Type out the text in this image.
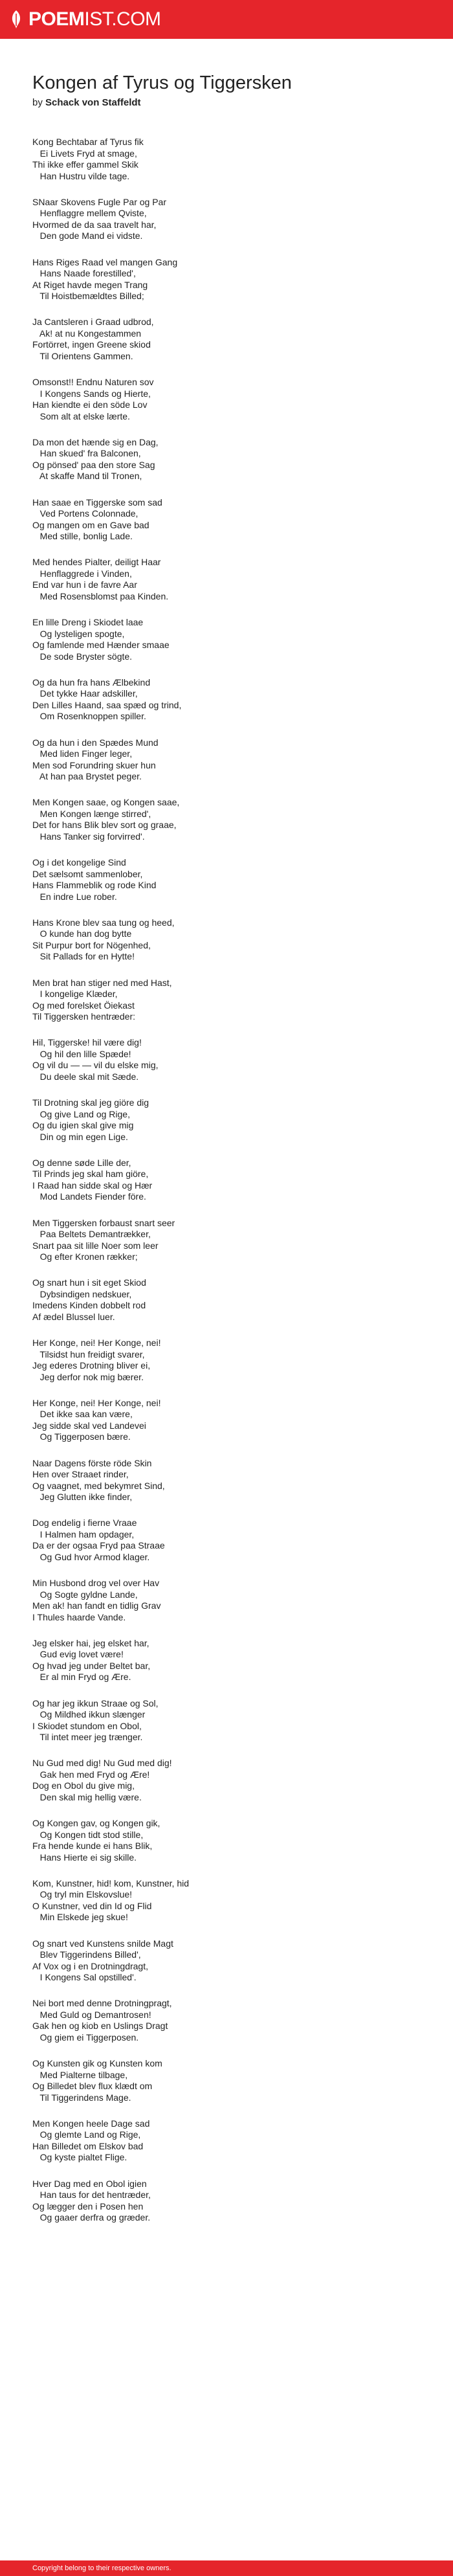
POEMIST.COM
Kongen af Tyrus og Tiggersken
by Schack von Staffeldt
Kong Bechtabar af Tyrus fik
Ei Livets Fryd at smage,
Thi ikke effer gammel Skik
Han Hustru vilde tage.
SNaar Skovens Fugle Par og Par
Henflaggre mellem Qviste,
Hvormed de da saa travelt har,
Den gode Mand ei vidste.
Hans Riges Raad vel mangen Gang
Hans Naade forestilled',
At Riget havde megen Trang
Til Hoistbemældtes Billed;
Ja Cantsleren i Graad udbrod,
Ak! at nu Kongestammen
Fortörret, ingen Greene skiod
Til Orientens Gammen.
Omsonst!! Endnu Naturen sov
I Kongens Sands og Hierte,
Han kiendte ei den söde Lov
Som alt at elske lærte.
Da mon det hænde sig en Dag,
Han skued' fra Balconen,
Og pönsed' paa den store Sag
At skaffe Mand til Tronen,
Han saae en Tiggerske som sad
Ved Portens Colonnade,
Og mangen om en Gave bad
Med stille, bonlig Lade.
Med hendes Pialter, deiligt Haar
Henflaggrede i Vinden,
End var hun i de favre Aar
Med Rosensblomst paa Kinden.
En lille Dreng i Skiodet laae
Og lysteligen spogte,
Og famlende med Hænder smaae
De sode Bryster sögte.
Og da hun fra hans Ælbekind
Det tykke Haar adskiller,
Den Lilles Haand, saa spæd og trind,
Om Rosenknoppen spiller.
Og da hun i den Spædes Mund
Med liden Finger leger,
Men sod Forundring skuer hun
At han paa Brystet peger.
Men Kongen saae, og Kongen saae,
Men Kongen længe stirred',
Det for hans Blik blev sort og graae,
Hans Tanker sig forvirred'.
Og i det kongelige Sind
Det sælsomt sammenlober,
Hans Flammeblik og rode Kind
En indre Lue rober.
Hans Krone blev saa tung og heed,
O kunde han dog bytte
Sit Purpur bort for Nögenhed,
Sit Pallads for en Hytte!
Men brat han stiger ned med Hast,
I kongelige Klæder,
Og med forelsket Öiekast
Til Tiggersken hentræder:
Hil, Tiggerske! hil være dig!
Og hil den lille Spæde!
Og vil du — — vil du elske mig,
Du deele skal mit Sæde.
Til Drotning skal jeg giöre dig
Og give Land og Rige,
Og du igien skal give mig
Din og min egen Lige.
Og denne søde Lille der,
Til Prinds jeg skal ham giöre,
I Raad han sidde skal og Hær
Mod Landets Fiender före.
Men Tiggersken forbaust snart seer
Paa Beltets Demantrækker,
Snart paa sit lille Noer som leer
Og efter Kronen rækker;
Og snart hun i sit eget Skiod
Dybsindigen nedskuer,
Imedens Kinden dobbelt rod
Af ædel Blussel luer.
Her Konge, nei! Her Konge, nei!
Tilsidst hun freidigt svarer,
Jeg ederes Drotning bliver ei,
Jeg derfor nok mig bærer.
Her Konge, nei! Her Konge, nei!
Det ikke saa kan være,
Jeg sidde skal ved Landevei
Og Tiggerposen bære.
Naar Dagens förste röde Skin
Hen over Straaet rinder,
Og vaagnet, med bekymret Sind,
Jeg Glutten ikke finder,
Dog endelig i fierne Vraae
I Halmen ham opdager,
Da er der ogsaa Fryd paa Straae
Og Gud hvor Armod klager.
Min Husbond drog vel over Hav
Og Sogte gyldne Lande,
Men ak! han fandt en tidlig Grav
I Thules haarde Vande.
Jeg elsker hai, jeg elsket har,
Gud evig lovet være!
Og hvad jeg under Beltet bar,
Er al min Fryd og Ære.
Og har jeg ikkun Straae og Sol,
Og Mildhed ikkun slænger
I Skiodet stundom en Obol,
Til intet meer jeg trænger.
Nu Gud med dig! Nu Gud med dig!
Gak hen med Fryd og Ære!
Dog en Obol du give mig,
Den skal mig hellig være.
Og Kongen gav, og Kongen gik,
Og Kongen tidt stod stille,
Fra hende kunde ei hans Blik,
Hans Hierte ei sig skille.
Kom, Kunstner, hid! kom, Kunstner, hid
Og tryl min Elskovslue!
O Kunstner, ved din Id og Flid
Min Elskede jeg skue!
Og snart ved Kunstens snilde Magt
Blev Tiggerindens Billed',
Af Vox og i en Drotningdragt,
I Kongens Sal opstilled'.
Nei bort med denne Drotningpragt,
Med Guld og Demantrosen!
Gak hen og kiob en Uslings Dragt
Og giem ei Tiggerposen.
Og Kunsten gik og Kunsten kom
Med Pialterne tilbage,
Og Billedet blev flux klædt om
Til Tiggerindens Mage.
Men Kongen heele Dage sad
Og glemte Land og Rige,
Han Billedet om Elskov bad
Og kyste pialtet Flige.
Hver Dag med en Obol igien
Han taus for det hentræder,
Og lægger den i Posen hen
Og gaaer derfra og græder.
Copyright belong to their respective owners.
